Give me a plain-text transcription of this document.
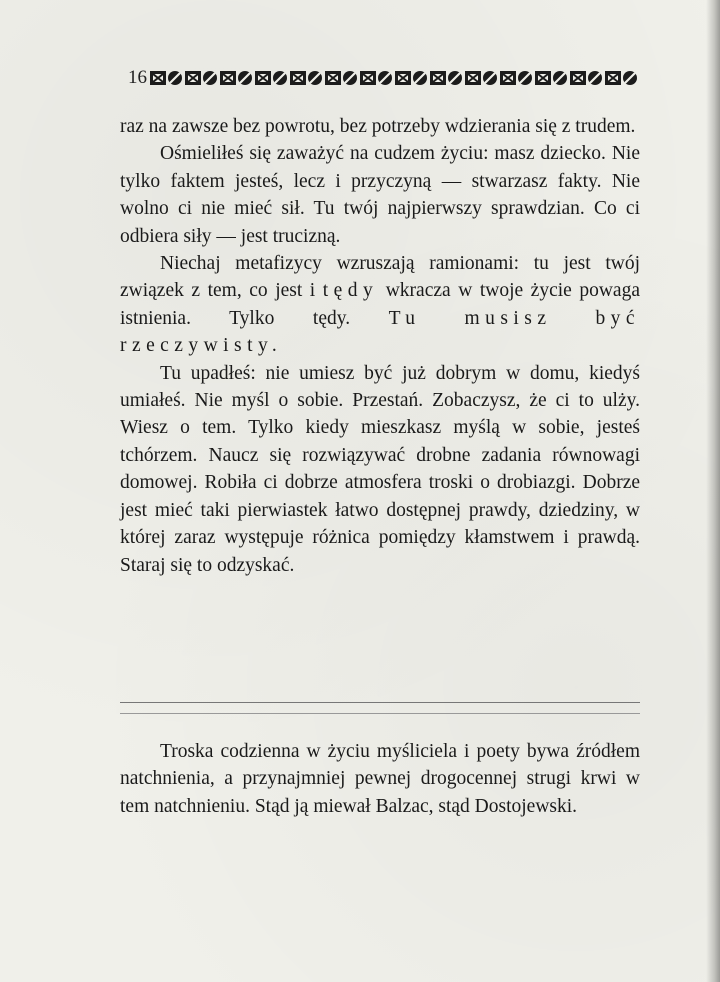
16

raz na zawsze bez powrotu, bez potrzeby wdzierania się z trudem.

Ośmieliłeś się zaważyć na cudzem życiu: masz dziecko. Nie tylko faktem jesteś, lecz i przyczyną — stwarzasz fakty. Nie wolno ci nie mieć sił. Tu twój najpierwszy sprawdzian. Co ci odbiera siły — jest trucizną.

Niechaj metafizycy wzruszają ramionami: tu jest twój związek z tem, co jest i tędy wkracza w twoje życie powaga istnienia. Tylko tędy. Tu musisz być rzeczywisty.

Tu upadłeś: nie umiesz być już dobrym w domu, kiedyś umiałeś. Nie myśl o sobie. Przestań. Zobaczysz, że ci to ulży. Wiesz o tem. Tylko kiedy mieszkasz myślą w sobie, jesteś tchórzem. Naucz się rozwiązywać drobne zadania równowagi domowej. Robiła ci dobrze atmosfera troski o drobiazgi. Dobrze jest mieć taki pierwiastek łatwo dostępnej prawdy, dziedziny, w której zaraz występuje różnica pomiędzy kłamstwem i prawdą. Staraj się to odzyskać.

Troska codzienna w życiu myśliciela i poety bywa źródłem natchnienia, a przynajmniej pewnej drogocennej strugi krwi w tem natchnieniu. Stąd ją miewał Balzac, stąd Dostojewski.
